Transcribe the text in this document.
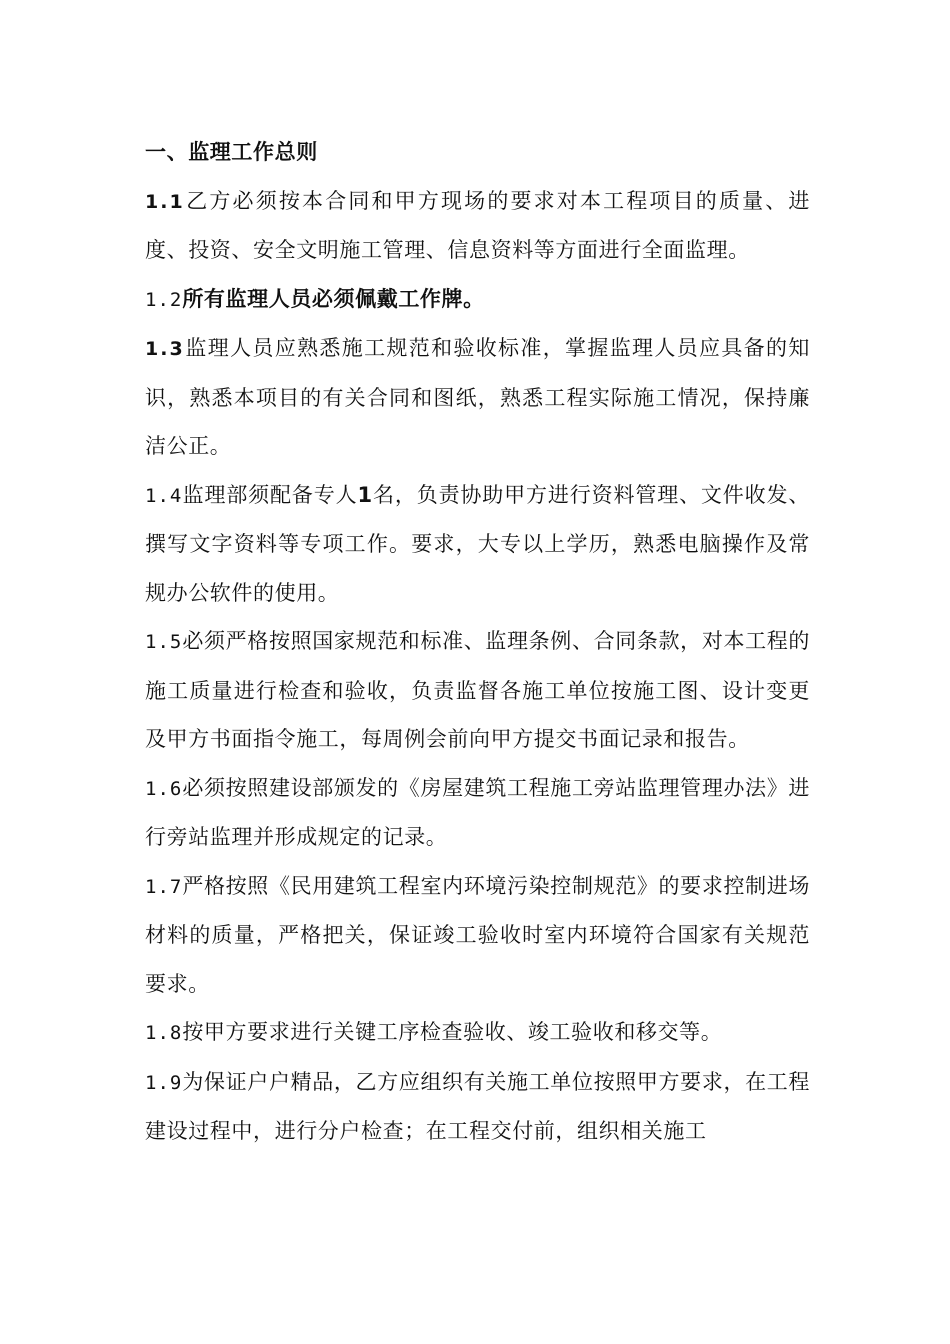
一、监理工作总则

1.1乙方必须按本合同和甲方现场的要求对本工程项目的质量、进度、投资、安全文明施工管理、信息资料等方面进行全面监理。

1.2所有监理人员必须佩戴工作牌。

1.3监理人员应熟悉施工规范和验收标准，掌握监理人员应具备的知识，熟悉本项目的有关合同和图纸，熟悉工程实际施工情况，保持廉洁公正。

1.4监理部须配备专人1名，负责协助甲方进行资料管理、文件收发、撰写文字资料等专项工作。要求，大专以上学历，熟悉电脑操作及常规办公软件的使用。

1.5必须严格按照国家规范和标准、监理条例、合同条款，对本工程的施工质量进行检查和验收，负责监督各施工单位按施工图、设计变更及甲方书面指令施工，每周例会前向甲方提交书面记录和报告。

1.6必须按照建设部颁发的《房屋建筑工程施工旁站监理管理办法》进行旁站监理并形成规定的记录。

1.7严格按照《民用建筑工程室内环境污染控制规范》的要求控制进场材料的质量，严格把关，保证竣工验收时室内环境符合国家有关规范要求。

1.8按甲方要求进行关键工序检查验收、竣工验收和移交等。

1.9为保证户户精品，乙方应组织有关施工单位按照甲方要求，在工程建设过程中，进行分户检查；在工程交付前，组织相关施工
